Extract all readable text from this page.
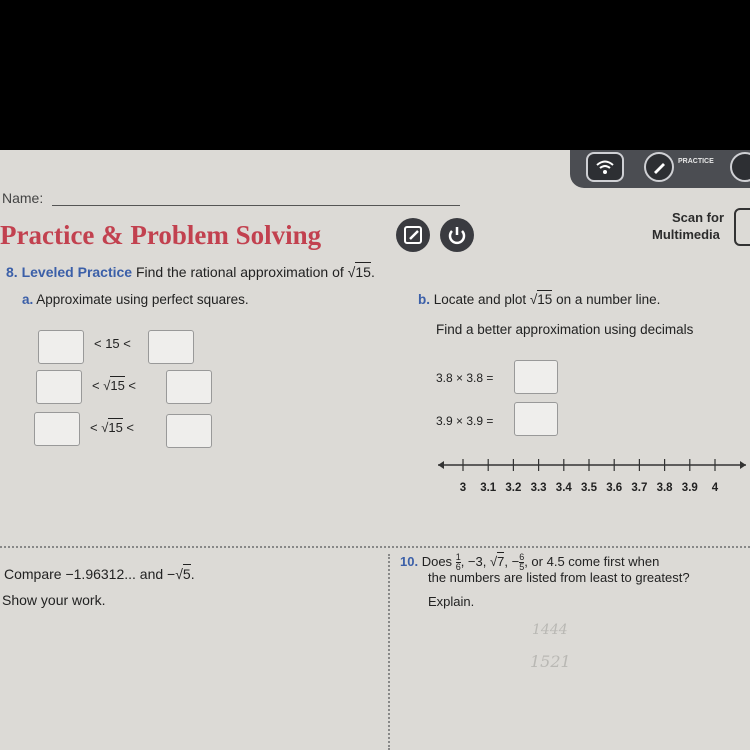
PRACTICE
Name:
Practice & Problem Solving
Scan for
Multimedia
8. Leveled Practice Find the rational approximation of √15.
a. Approximate using perfect squares.
< 15 <
< √15 <
< √15 <
b. Locate and plot √15 on a number line.
Find a better approximation using decimals
3.8 × 3.8 =
3.9 × 3.9 =
3 3.1 3.2 3.3 3.4 3.5 3.6 3.7 3.8 3.9 4
Compare −1.96312... and −√5.
Show your work.
10. Does $\frac{1}{6}$ , −3, √7, − $\frac{6}{5}$ , or 4.5 come first when
the numbers are listed from least to greatest?
Explain.
1444
1521
